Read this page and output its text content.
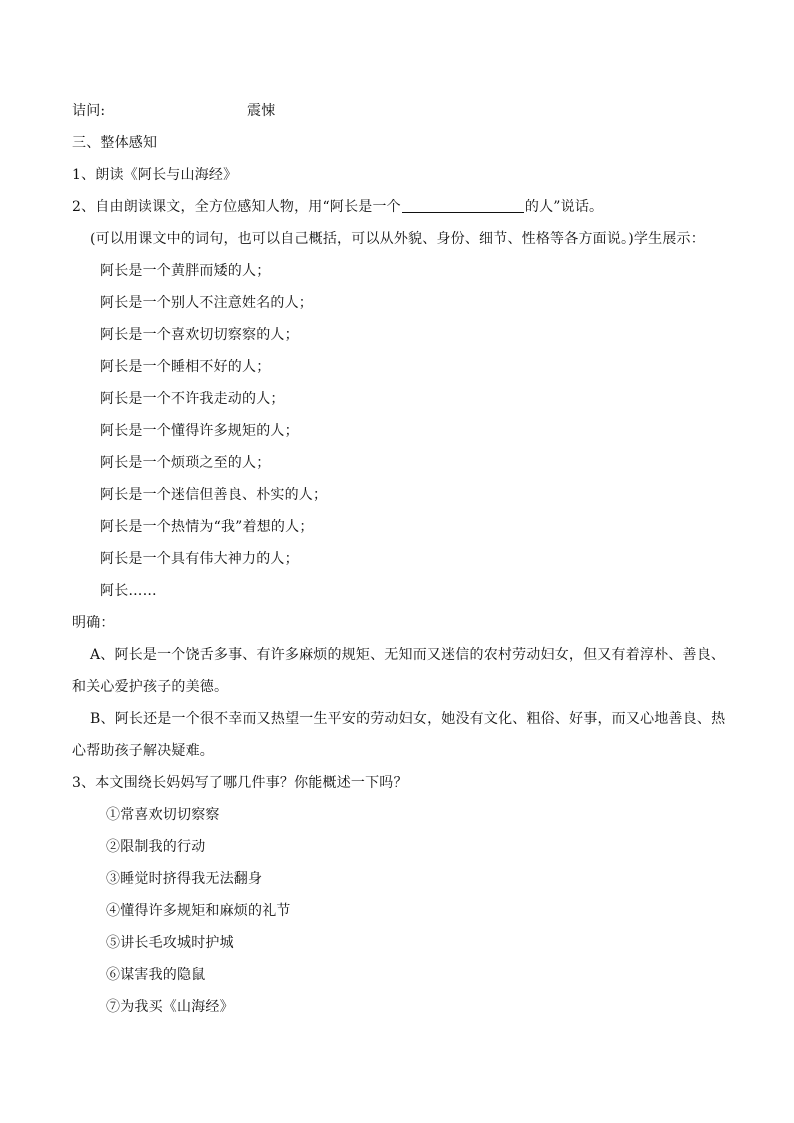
诘问:	震悚
三、整体感知
1、朗读《阿长与山海经》
2、自由朗读课文，全方位感知人物，用“阿长是一个	的人”说话。
(可以用课文中的词句，也可以自己概括，可以从外貌、身份、细节、性格等各方面说。)学生展示：
阿长是一个黄胖而矮的人；
阿长是一个别人不注意姓名的人；
阿长是一个喜欢切切察察的人；
阿长是一个睡相不好的人；
阿长是一个不许我走动的人；
阿长是一个懂得许多规矩的人；
阿长是一个烦琐之至的人；
阿长是一个迷信但善良、朴实的人；
阿长是一个热情为“我”着想的人；
阿长是一个具有伟大神力的人；
阿长……
明确：
A、阿长是一个饶舌多事、有许多麻烦的规矩、无知而又迷信的农村劳动妇女，但又有着淳朴、善良、
和关心爱护孩子的美德。
B、阿长还是一个很不幸而又热望一生平安的劳动妇女，她没有文化、粗俗、好事，而又心地善良、热
心帮助孩子解决疑难。
3、本文围绕长妈妈写了哪几件事？你能概述一下吗？
①常喜欢切切察察
②限制我的行动
③睡觉时挤得我无法翻身
④懂得许多规矩和麻烦的礼节
⑤讲长毛攻城时护城
⑥谋害我的隐鼠
⑦为我买《山海经》
